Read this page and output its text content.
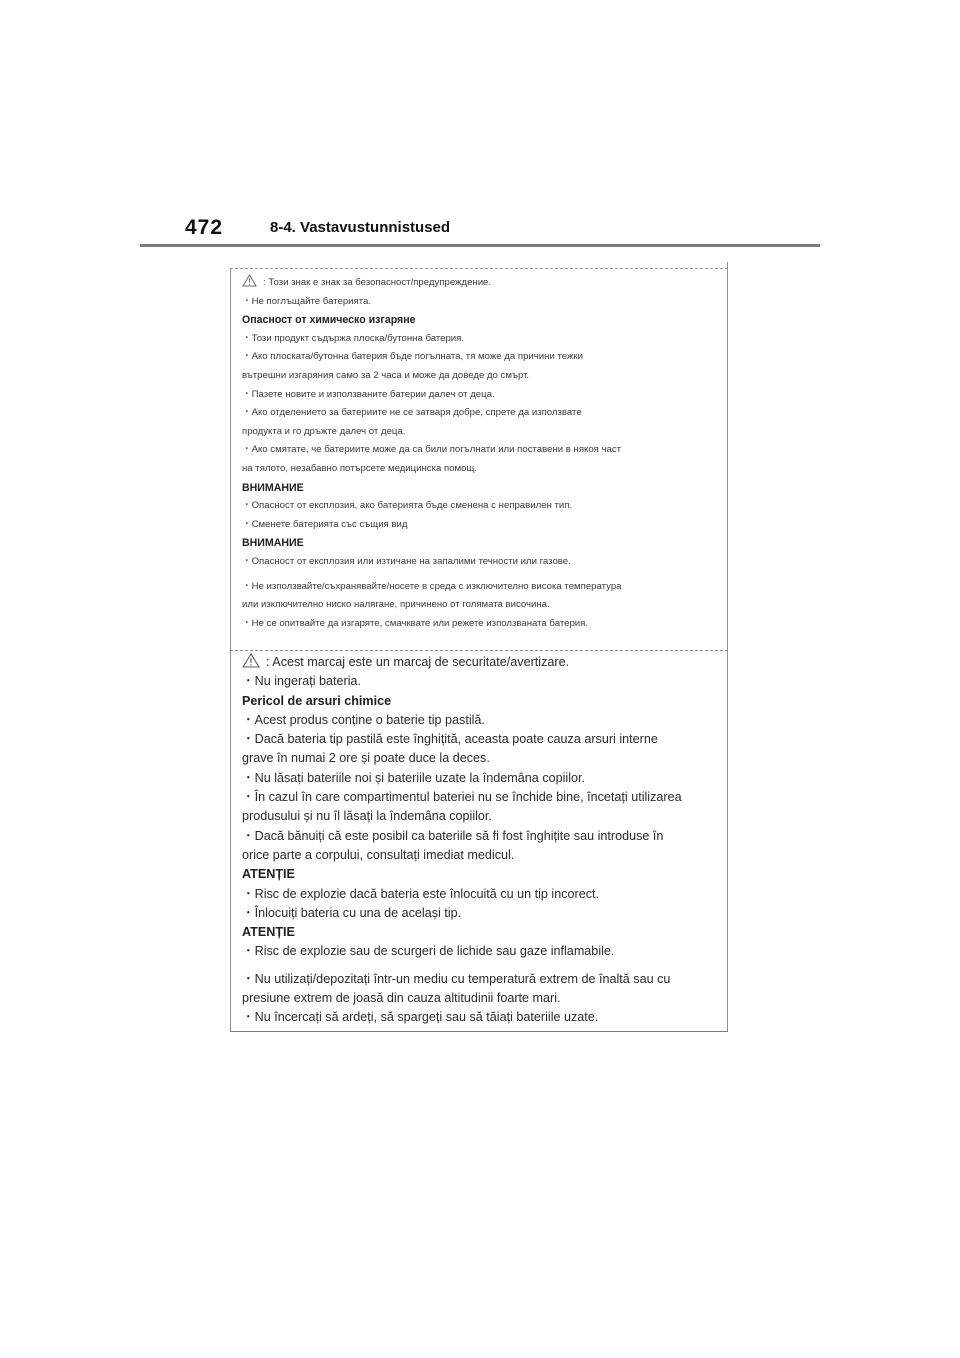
472	8-4. Vastavustunnistused
: Този знак е знак за безопасност/предупреждение.
・Не поглъщайте батерията.
Опасност от химическо изгаряне
・Този продукт съдържа плоска/бутонна батерия.
・Ако плоската/бутонна батерия бъде погълната, тя може да причини тежки
вътрешни изгаряния само за 2 часа и може да доведе до смърт.
・Пазете новите и използваните батерии далеч от деца.
・Ако отделението за батериите не се затваря добре, спрете да използвате
продукта и го дръжте далеч от деца.
・Ако смятате, че батериите може да са били погълнати или поставени в някоя част
на тялото, незабавно потърсете медицинска помощ.
ВНИМАНИЕ
・Опасност от експлозия, ако батерията бъде сменена с неправилен тип.
・Сменете батерията със същия вид
ВНИМАНИЕ
・Опасност от експлозия или изтичане на запалими течности или газове.
・Не използвайте/съхранявайте/носете в среда с изключително висока температура
или изключително ниско налягане, причинено от голямата височина.
・Не се опитвайте да изгаряте, смачквате или режете използваната батерия.
: Acest marcaj este un marcaj de securitate/avertizare.
・Nu ingerați bateria.
Pericol de arsuri chimice
・Acest produs conține o baterie tip pastilă.
・Dacă bateria tip pastilă este înghițită, aceasta poate cauza arsuri interne
grave în numai 2 ore și poate duce la deces.
・Nu lăsați bateriile noi și bateriile uzate la îndemâna copiilor.
・În cazul în care compartimentul bateriei nu se închide bine, încetați utilizarea
produsului și nu îl lăsați la îndemâna copiilor.
・Dacă bănuiți că este posibil ca bateriile să fi fost înghițite sau introduse în
orice parte a corpului, consultați imediat medicul.
ATENȚIE
・Risc de explozie dacă bateria este înlocuită cu un tip incorect.
・Înlocuiți bateria cu una de același tip.
ATENȚIE
・Risc de explozie sau de scurgeri de lichide sau gaze inflamabile.
・Nu utilizați/depozitați într-un mediu cu temperatură extrem de înaltă sau cu
presiune extrem de joasă din cauza altitudinii foarte mari.
・Nu încercați să ardeți, să spargeți sau să tăiați bateriile uzate.
